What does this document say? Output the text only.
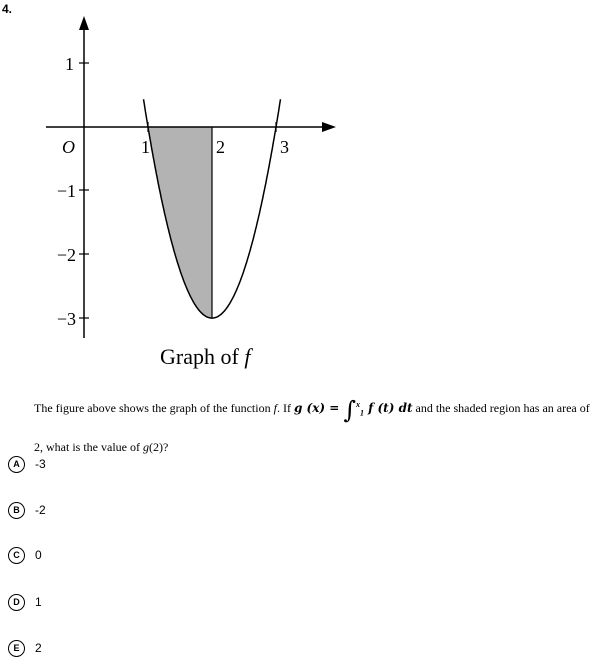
4.
1
−1
−2
−3
O	1	2	3
Graph of f
The figure above shows the graph of the function f. If g (x) = ∫$^x_1$ f (t) dt and the shaded region has an area of 2, what is the value of g(2)?
A	-3
B	-2
C	0
D	1
E	2
